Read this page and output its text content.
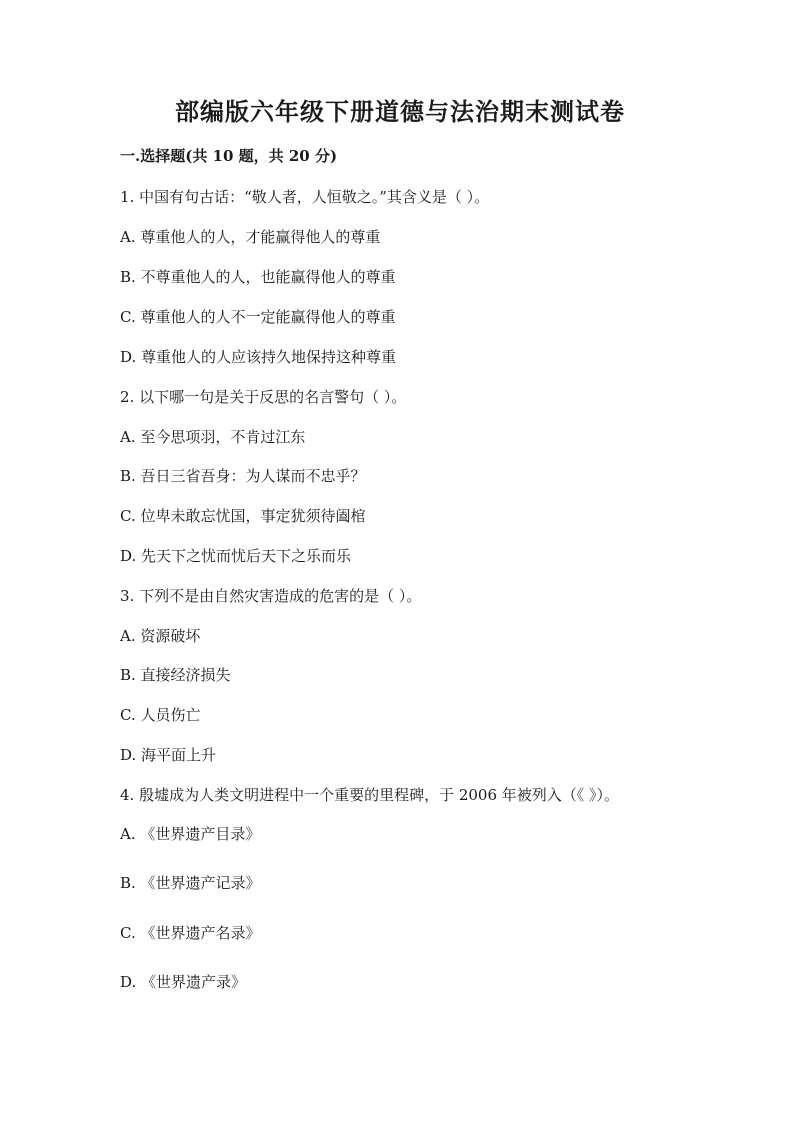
部编版六年级下册道德与法治期末测试卷
一.选择题(共 10 题，共 20 分)
1. 中国有句古话：“敬人者，人恒敬之。”其含义是（ ）。
A. 尊重他人的人，才能赢得他人的尊重
B. 不尊重他人的人，也能赢得他人的尊重
C. 尊重他人的人不一定能赢得他人的尊重
D. 尊重他人的人应该持久地保持这种尊重
2. 以下哪一句是关于反思的名言警句（ ）。
A. 至今思项羽，不肯过江东
B. 吾日三省吾身：为人谋而不忠乎？
C. 位卑未敢忘忧国，事定犹须待阖棺
D. 先天下之忧而忧后天下之乐而乐
3. 下列不是由自然灾害造成的危害的是（ ）。
A. 资源破坏
B. 直接经济损失
C. 人员伤亡
D. 海平面上升
4. 殷墟成为人类文明进程中一个重要的里程碑，于 2006 年被列入（《 》）。
A. 《世界遗产目录》
B. 《世界遗产记录》
C. 《世界遗产名录》
D. 《世界遗产录》
